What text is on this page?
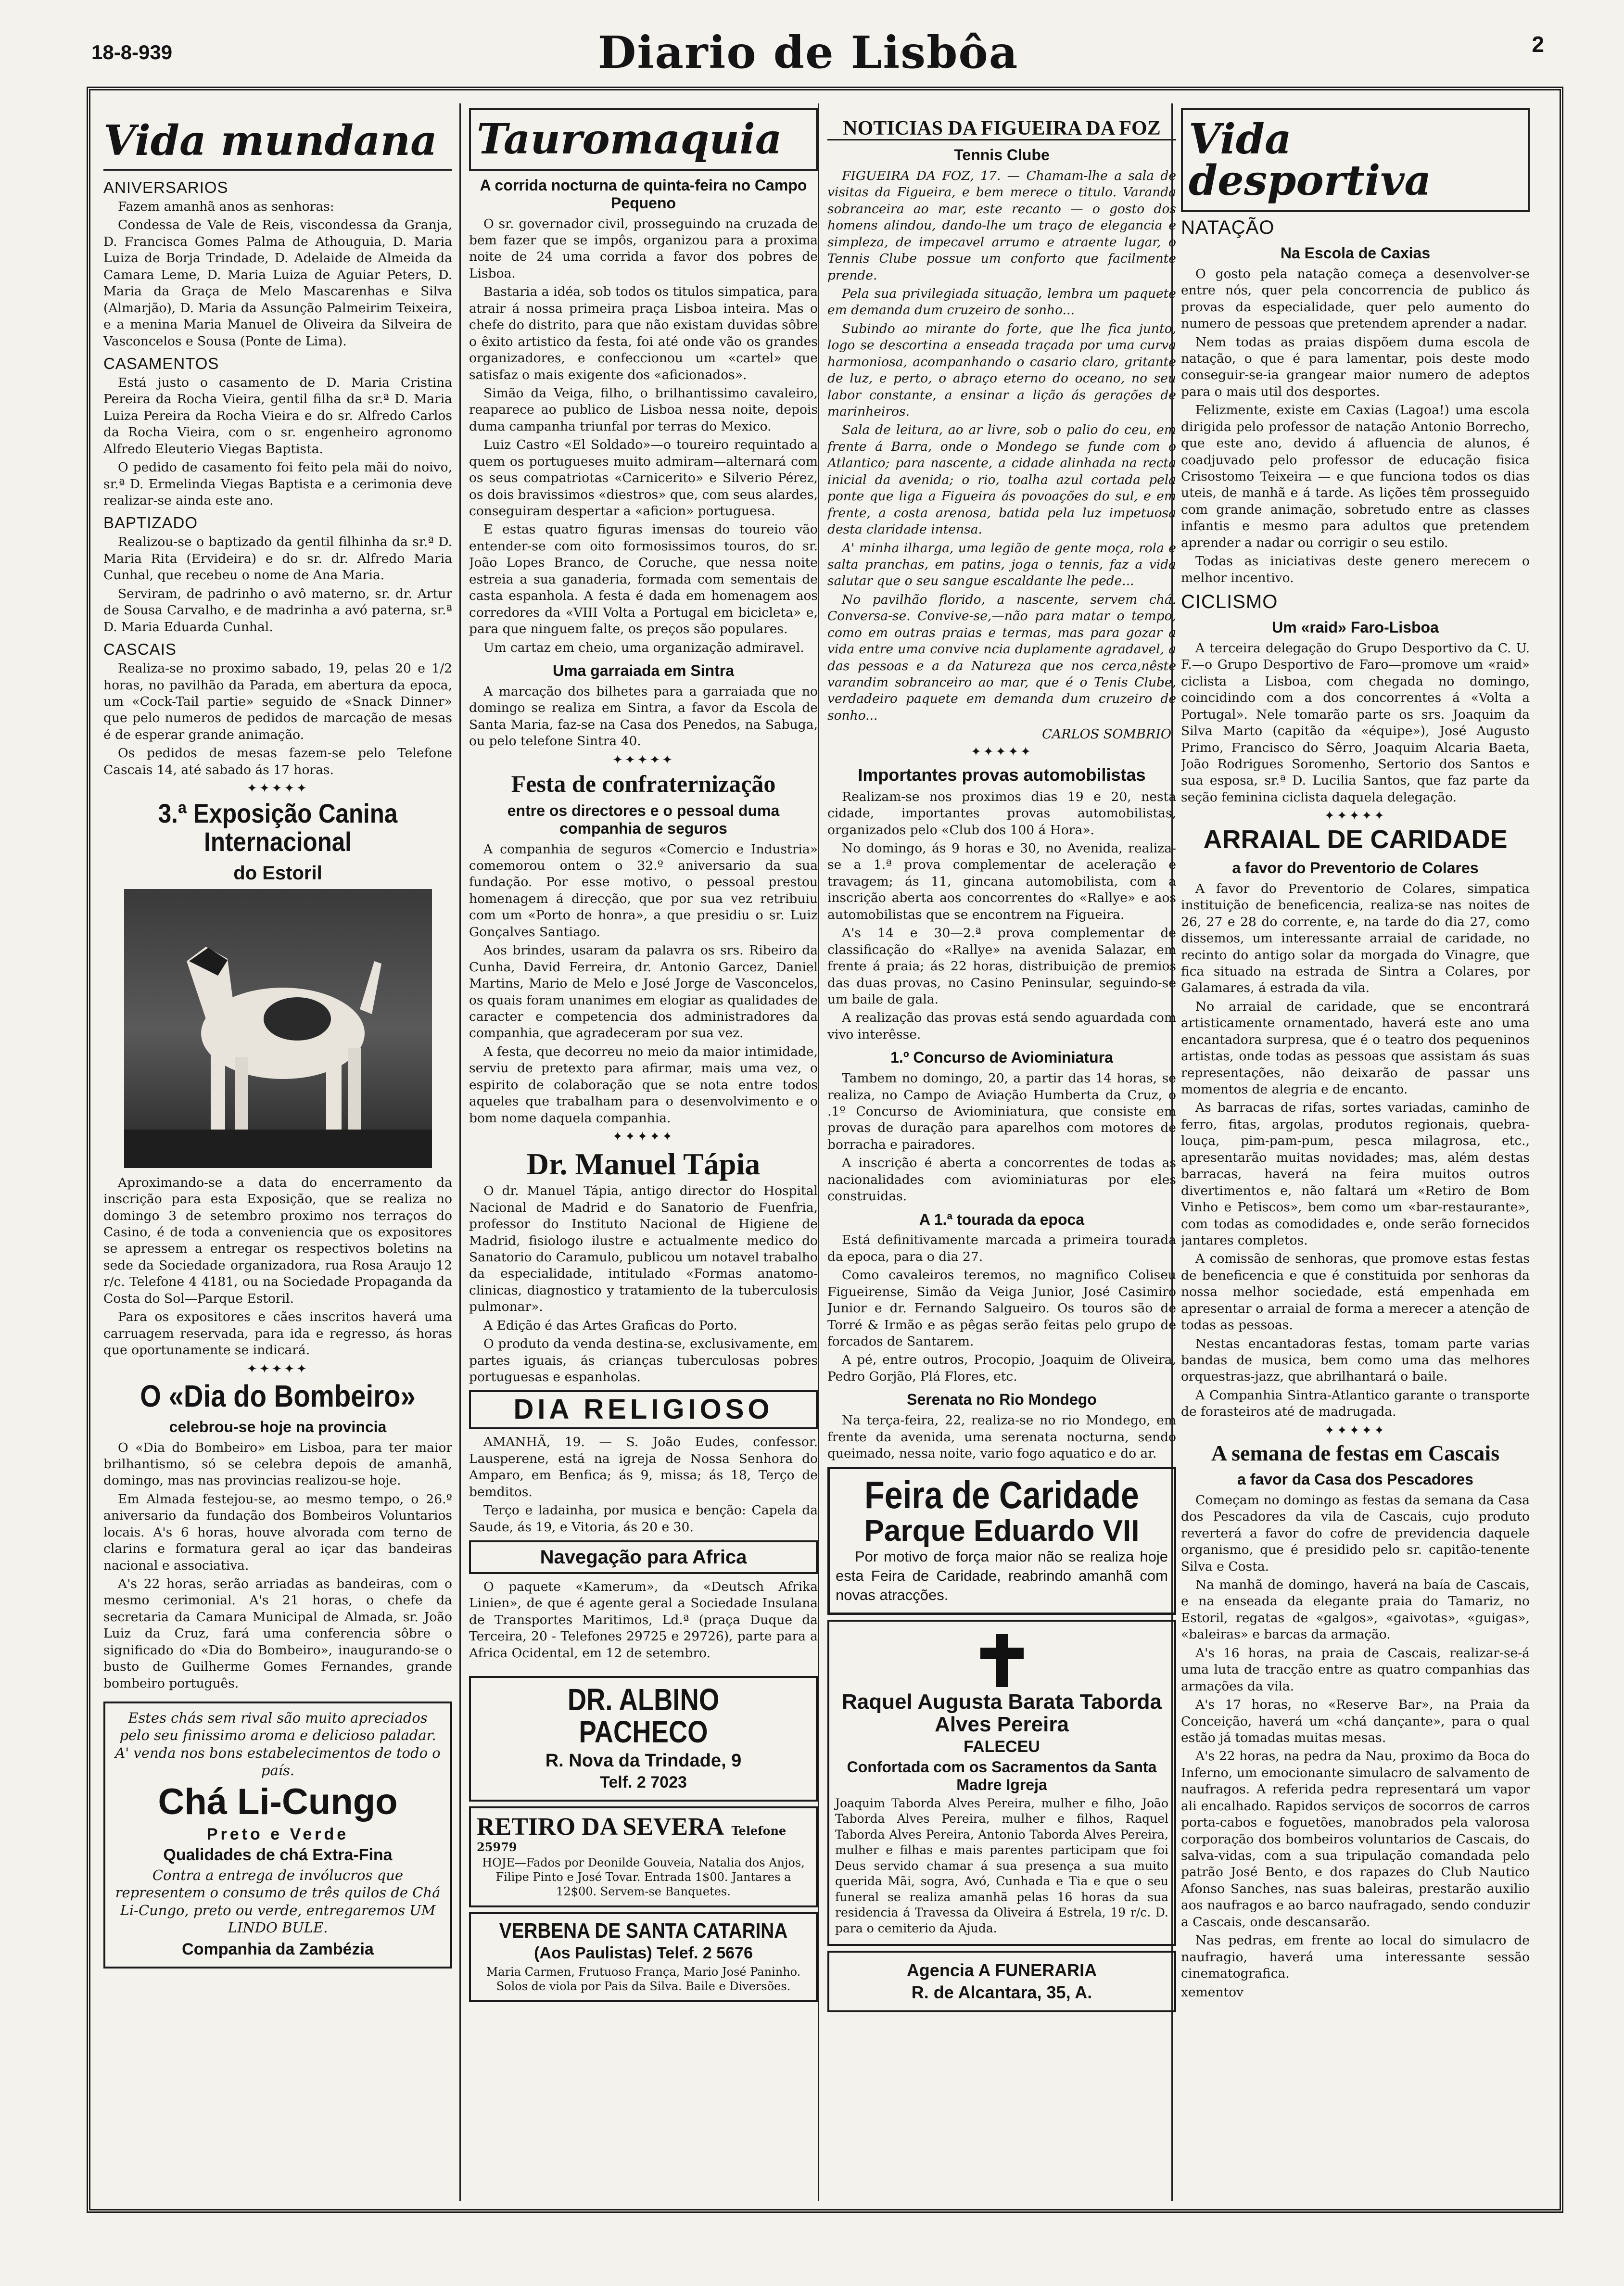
18-8-939	Diario de Lisbôa	2
Vida mundana
ANIVERSARIOS

Fazem amanhã anos as senhoras:

Condessa de Vale de Reis, viscondessa da Granja, D. Francisca Gomes Palma de Athouguia, D. Maria Luiza de Borja Trindade, D. Adelaide de Almeida da Camara Leme, D. Maria Luiza de Aguiar Peters, D. Maria da Graça de Melo Mascarenhas e Silva (Almarjão), D. Maria da Assunção Palmeirim Teixeira, e a menina Maria Manuel de Oliveira da Silveira de Vasconcelos e Sousa (Ponte de Lima).

CASAMENTOS

Está justo o casamento de D. Maria Cristina Pereira da Rocha Vieira, gentil filha da sr.ª D. Maria Luiza Pereira da Rocha Vieira e do sr. Alfredo Carlos da Rocha Vieira, com o sr. engenheiro agronomo Alfredo Eleuterio Viegas Baptista.

O pedido de casamento foi feito pela mãi do noivo, sr.ª D. Ermelinda Viegas Baptista e a cerimonia deve realizar-se ainda este ano.

BAPTIZADO

Realizou-se o baptizado da gentil filhinha da sr.ª D. Maria Rita (Ervideira) e do sr. dr. Alfredo Maria Cunhal, que recebeu o nome de Ana Maria.

Serviram, de padrinho o avô materno, sr. dr. Artur de Sousa Carvalho, e de madrinha a avó paterna, sr.ª D. Maria Eduarda Cunhal.

CASCAIS

Realiza-se no proximo sabado, 19, pelas 20 e 1/2 horas, no pavilhão da Parada, em abertura da epoca, um «Cock-Tail partie» seguido de «Snack Dinner» que pelo numeros de pedidos de marcação de mesas é de esperar grande animação.

Os pedidos de mesas fazem-se pelo Telefone Cascais 14, até sabado ás 17 horas.

✦✦✦✦✦
3.ª Exposição Canina Internacional
do Estoril

Aproximando-se a data do encerramento da inscrição para esta Exposição, que se realiza no domingo 3 de setembro proximo nos terraços do Casino, é de toda a conveniencia que os expositores se apressem a entregar os respectivos boletins na sede da Sociedade organizadora, rua Rosa Araujo 12 r/c. Telefone 4 4181, ou na Sociedade Propaganda da Costa do Sol—Parque Estoril.

Para os expositores e cães inscritos haverá uma carruagem reservada, para ida e regresso, ás horas que oportunamente se indicará.

✦✦✦✦✦
O «Dia do Bombeiro»
celebrou-se hoje na provincia

O «Dia do Bombeiro» em Lisboa, para ter maior brilhantismo, só se celebra depois de amanhã, domingo, mas nas provincias realizou-se hoje.

Em Almada festejou-se, ao mesmo tempo, o 26.º aniversario da fundação dos Bombeiros Voluntarios locais. A's 6 horas, houve alvorada com terno de clarins e formatura geral ao içar das bandeiras nacional e associativa.

A's 22 horas, serão arriadas as bandeiras, com o mesmo cerimonial. A's 21 horas, o chefe da secretaria da Camara Municipal de Almada, sr. João Luiz da Cruz, fará uma conferencia sôbre o significado do «Dia do Bombeiro», inaugurando-se o busto de Guilherme Gomes Fernandes, grande bombeiro português.

Estes chás sem rival são muito apreciados pelo seu finissimo aroma e delicioso paladar. A' venda nos bons estabelecimentos de todo o país.

Chá Li-Cungo
Preto e Verde
Qualidades de chá Extra-Fina

Contra a entrega de invólucros que representem o consumo de três quilos de Chá Li-Cungo, preto ou verde, entregaremos UM LINDO BULE.

Companhia da Zambézia
Tauromaquia
A corrida nocturna de quinta-feira no Campo Pequeno

O sr. governador civil, prosseguindo na cruzada de bem fazer que se impôs, organizou para a proxima noite de 24 uma corrida a favor dos pobres de Lisboa.

Bastaria a idéa, sob todos os titulos simpatica, para atrair á nossa primeira praça Lisboa inteira. Mas o chefe do distrito, para que não existam duvidas sôbre o êxito artistico da festa, foi até onde vão os grandes organizadores, e confeccionou um «cartel» que satisfaz o mais exigente dos «aficionados».

Simão da Veiga, filho, o brilhantissimo cavaleiro, reaparece ao publico de Lisboa nessa noite, depois duma campanha triunfal por terras do Mexico.

Luiz Castro «El Soldado»—o toureiro requintado a quem os portugueses muito admiram—alternará com os seus compatriotas «Carnicerito» e Silverio Pérez, os dois bravissimos «diestros» que, com seus alardes, conseguiram despertar a «aficion» portuguesa.

E estas quatro figuras imensas do toureio vão entender-se com oito formosissimos touros, do sr. João Lopes Branco, de Coruche, que nessa noite estreia a sua ganaderia, formada com sementais de casta espanhola. A festa é dada em homenagem aos corredores da «VIII Volta a Portugal em bicicleta» e, para que ninguem falte, os preços são populares.

Um cartaz em cheio, uma organização admiravel.

Uma garraiada em Sintra

A marcação dos bilhetes para a garraiada que no domingo se realiza em Sintra, a favor da Escola de Santa Maria, faz-se na Casa dos Penedos, na Sabuga, ou pelo telefone Sintra 40.

✦✦✦✦✦
Festa de confraternização
entre os directores e o pessoal duma companhia de seguros

A companhia de seguros «Comercio e Industria» comemorou ontem o 32.º aniversario da sua fundação. Por esse motivo, o pessoal prestou homenagem á direcção, que por sua vez retribuiu com um «Porto de honra», a que presidiu o sr. Luiz Gonçalves Santiago.

Aos brindes, usaram da palavra os srs. Ribeiro da Cunha, David Ferreira, dr. Antonio Garcez, Daniel Martins, Mario de Melo e José Jorge de Vasconcelos, os quais foram unanimes em elogiar as qualidades de caracter e competencia dos administradores da companhia, que agradeceram por sua vez.

A festa, que decorreu no meio da maior intimidade, serviu de pretexto para afirmar, mais uma vez, o espirito de colaboração que se nota entre todos aqueles que trabalham para o desenvolvimento e o bom nome daquela companhia.

✦✦✦✦✦
Dr. Manuel Tápia

O dr. Manuel Tápia, antigo director do Hospital Nacional de Madrid e do Sanatorio de Fuenfria, professor do Instituto Nacional de Higiene de Madrid, fisiologo ilustre e actualmente medico do Sanatorio do Caramulo, publicou um notavel trabalho da especialidade, intitulado «Formas anatomo-clinicas, diagnostico y tratamiento de la tuberculosis pulmonar».

A Edição é das Artes Graficas do Porto.

O produto da venda destina-se, exclusivamente, em partes iguais, ás crianças tuberculosas pobres portuguesas e espanholas.

DIA RELIGIOSO

AMANHÃ, 19. — S. João Eudes, confessor. Lausperene, está na igreja de Nossa Senhora do Amparo, em Benfica; ás 9, missa; ás 18, Terço de bemditos.

Terço e ladainha, por musica e benção: Capela da Saude, ás 19, e Vitoria, ás 20 e 30.

Navegação para Africa

O paquete «Kamerum», da «Deutsch Afrika Linien», de que é agente geral a Sociedade Insulana de Transportes Maritimos, Ld.ª (praça Duque da Terceira, 20 - Telefones 29725 e 29726), parte para a Africa Ocidental, em 12 de setembro.

DR. ALBINO PACHECO
R. Nova da Trindade, 9
Telf. 2 7023
RETIRO DA SEVERA Telefone 25979

HOJE—Fados por Deonilde Gouveia, Natalia dos Anjos, Filipe Pinto e José Tovar. Entrada 1$00. Jantares a 12$00. Servem-se Banquetes.

VERBENA DE SANTA CATARINA
(Aos Paulistas) Telef. 2 5676

Maria Carmen, Frutuoso França, Mario José Paninho. Solos de viola por Pais da Silva. Baile e Diversões.

NOTICIAS DA FIGUEIRA DA FOZ
Tennis Clube

FIGUEIRA DA FOZ, 17. — Chamam-lhe a sala de visitas da Figueira, e bem merece o titulo. Varanda sobranceira ao mar, este recanto — o gosto dos homens alindou, dando-lhe um traço de elegancia e simpleza, de impecavel arrumo e atraente lugar, o Tennis Clube possue um conforto que facilmente prende.

Pela sua privilegiada situação, lembra um paquete em demanda dum cruzeiro de sonho...

Subindo ao mirante do forte, que lhe fica junto, logo se descortina a enseada traçada por uma curva harmoniosa, acompanhando o casario claro, gritante de luz, e perto, o abraço eterno do oceano, no seu labor constante, a ensinar a lição ás gerações de marinheiros.

Sala de leitura, ao ar livre, sob o palio do ceu, em frente á Barra, onde o Mondego se funde com o Atlantico; para nascente, a cidade alinhada na recta inicial da avenida; o rio, toalha azul cortada pela ponte que liga a Figueira ás povoações do sul, e em frente, a costa arenosa, batida pela luz impetuosa desta claridade intensa.

A' minha ilharga, uma legião de gente moça, rola e salta pranchas, em patins, joga o tennis, faz a vida salutar que o seu sangue escaldante lhe pede...

No pavilhão florido, a nascente, servem chá. Conversa-se. Convive-se,—não para matar o tempo, como em outras praias e termas, mas para gozar a vida entre uma convive ncia duplamente agradavel, a das pessoas e a da Natureza que nos cerca,nêste varandim sobranceiro ao mar, que é o Tenis Clube, verdadeiro paquete em demanda dum cruzeiro de sonho...

CARLOS SOMBRIO

✦✦✦✦✦
Importantes provas automobilistas

Realizam-se nos proximos dias 19 e 20, nesta cidade, importantes provas automobilistas, organizados pelo «Club dos 100 á Hora».

No domingo, ás 9 horas e 30, no Avenida, realiza-se a 1.ª prova complementar de aceleração e travagem; ás 11, gincana automobilista, com a inscrição aberta aos concorrentes do «Rallye» e aos automobilistas que se encontrem na Figueira.

A's 14 e 30—2.ª prova complementar de classificação do «Rallye» na avenida Salazar, em frente á praia; ás 22 horas, distribuição de premios das duas provas, no Casino Peninsular, seguindo-se um baile de gala.

A realização das provas está sendo aguardada com vivo interêsse.

1.º Concurso de Aviominiatura

Tambem no domingo, 20, a partir das 14 horas, se realiza, no Campo de Aviação Humberta da Cruz, o .1º Concurso de Aviominiatura, que consiste em provas de duração para aparelhos com motores de borracha e pairadores.

A inscrição é aberta a concorrentes de todas as nacionalidades com aviominiaturas por eles construidas.

A 1.ª tourada da epoca

Está definitivamente marcada a primeira tourada da epoca, para o dia 27.

Como cavaleiros teremos, no magnifico Coliseu Figueirense, Simão da Veiga Junior, José Casimiro Junior e dr. Fernando Salgueiro. Os touros são de Torré & Irmão e as pêgas serão feitas pelo grupo de forcados de Santarem.

A pé, entre outros, Procopio, Joaquim de Oliveira, Pedro Gorjão, Plá Flores, etc.

Serenata no Rio Mondego

Na terça-feira, 22, realiza-se no rio Mondego, em frente da avenida, uma serenata nocturna, sendo queimado, nessa noite, vario fogo aquatico e do ar.

Feira de Caridade
Parque Eduardo VII

Por motivo de força maior não se realiza hoje esta Feira de Caridade, reabrindo amanhã com novas atracções.

Raquel Augusta Barata Taborda Alves Pereira
FALECEU
Confortada com os Sacramentos da Santa Madre Igreja

Joaquim Taborda Alves Pereira, mulher e filho, João Taborda Alves Pereira, mulher e filhos, Raquel Taborda Alves Pereira, Antonio Taborda Alves Pereira, mulher e filhas e mais parentes participam que foi Deus servido chamar á sua presença a sua muito querida Mãi, sogra, Avó, Cunhada e Tia e que o seu funeral se realiza amanhã pelas 16 horas da sua residencia á Travessa da Oliveira á Estrela, 19 r/c. D. para o cemiterio da Ajuda.

Agencia A FUNERARIA
R. de Alcantara, 35, A.
Vida desportiva
NATAÇÃO
Na Escola de Caxias

O gosto pela natação começa a desenvolver-se entre nós, quer pela concorrencia de publico ás provas da especialidade, quer pelo aumento do numero de pessoas que pretendem aprender a nadar.

Nem todas as praias dispõem duma escola de natação, o que é para lamentar, pois deste modo conseguir-se-ia grangear maior numero de adeptos para o mais util dos desportes.

Felizmente, existe em Caxias (Lagoa!) uma escola dirigida pelo professor de natação Antonio Borrecho, que este ano, devido á afluencia de alunos, é coadjuvado pelo professor de educação fisica Crisostomo Teixeira — e que funciona todos os dias uteis, de manhã e á tarde. As lições têm prosseguido com grande animação, sobretudo entre as classes infantis e mesmo para adultos que pretendem aprender a nadar ou corrigir o seu estilo.

Todas as iniciativas deste genero merecem o melhor incentivo.

CICLISMO
Um «raid» Faro-Lisboa

A terceira delegação do Grupo Desportivo da C. U. F.—o Grupo Desportivo de Faro—promove um «raid» ciclista a Lisboa, com chegada no domingo, coincidindo com a dos concorrentes á «Volta a Portugal». Nele tomarão parte os srs. Joaquim da Silva Marto (capitão da «équipe»), José Augusto Primo, Francisco do Sêrro, Joaquim Alcaria Baeta, João Rodrigues Soromenho, Sertorio dos Santos e sua esposa, sr.ª D. Lucilia Santos, que faz parte da seção feminina ciclista daquela delegação.

✦✦✦✦✦
ARRAIAL DE CARIDADE
a favor do Preventorio de Colares

A favor do Preventorio de Colares, simpatica instituição de beneficencia, realiza-se nas noites de 26, 27 e 28 do corrente, e, na tarde do dia 27, como dissemos, um interessante arraial de caridade, no recinto do antigo solar da morgada do Vinagre, que fica situado na estrada de Sintra a Colares, por Galamares, á estrada da vila.

No arraial de caridade, que se encontrará artisticamente ornamentado, haverá este ano uma encantadora surpresa, que é o teatro dos pequeninos artistas, onde todas as pessoas que assistam ás suas representações, não deixarão de passar uns momentos de alegria e de encanto.

As barracas de rifas, sortes variadas, caminho de ferro, fitas, argolas, produtos regionais, quebra-louça, pim-pam-pum, pesca milagrosa, etc., apresentarão muitas novidades; mas, além destas barracas, haverá na feira muitos outros divertimentos e, não faltará um «Retiro de Bom Vinho e Petiscos», bem como um «bar-restaurante», com todas as comodidades e, onde serão fornecidos jantares completos.

A comissão de senhoras, que promove estas festas de beneficencia e que é constituida por senhoras da nossa melhor sociedade, está empenhada em apresentar o arraial de forma a merecer a atenção de todas as pessoas.

Nestas encantadoras festas, tomam parte varias bandas de musica, bem como uma das melhores orquestras-jazz, que abrilhantará o baile.

A Companhia Sintra-Atlantico garante o transporte de forasteiros até de madrugada.

✦✦✦✦✦
A semana de festas em Cascais
a favor da Casa dos Pescadores

Começam no domingo as festas da semana da Casa dos Pescadores da vila de Cascais, cujo produto reverterá a favor do cofre de previdencia daquele organismo, que é presidido pelo sr. capitão-tenente Silva e Costa.

Na manhã de domingo, haverá na baía de Cascais, e na enseada da elegante praia do Tamariz, no Estoril, regatas de «galgos», «gaivotas», «guigas», «baleiras» e barcas da armação.

A's 16 horas, na praia de Cascais, realizar-se-á uma luta de tracção entre as quatro companhias das armações da vila.

A's 17 horas, no «Reserve Bar», na Praia da Conceição, haverá um «chá dançante», para o qual estão já tomadas muitas mesas.

A's 22 horas, na pedra da Nau, proximo da Boca do Inferno, um emocionante simulacro de salvamento de naufragos. A referida pedra representará um vapor ali encalhado. Rapidos serviços de socorros de carros porta-cabos e foguetões, manobrados pela valorosa corporação dos bombeiros voluntarios de Cascais, do salva-vidas, com a sua tripulação comandada pelo patrão José Bento, e dos rapazes do Club Nautico Afonso Sanches, nas suas baleiras, prestarão auxilio aos naufragos e ao barco naufragado, sendo conduzir a Cascais, onde descansarão.

Nas pedras, em frente ao local do simulacro de naufragio, haverá uma interessante sessão cinematografica.

xementov
